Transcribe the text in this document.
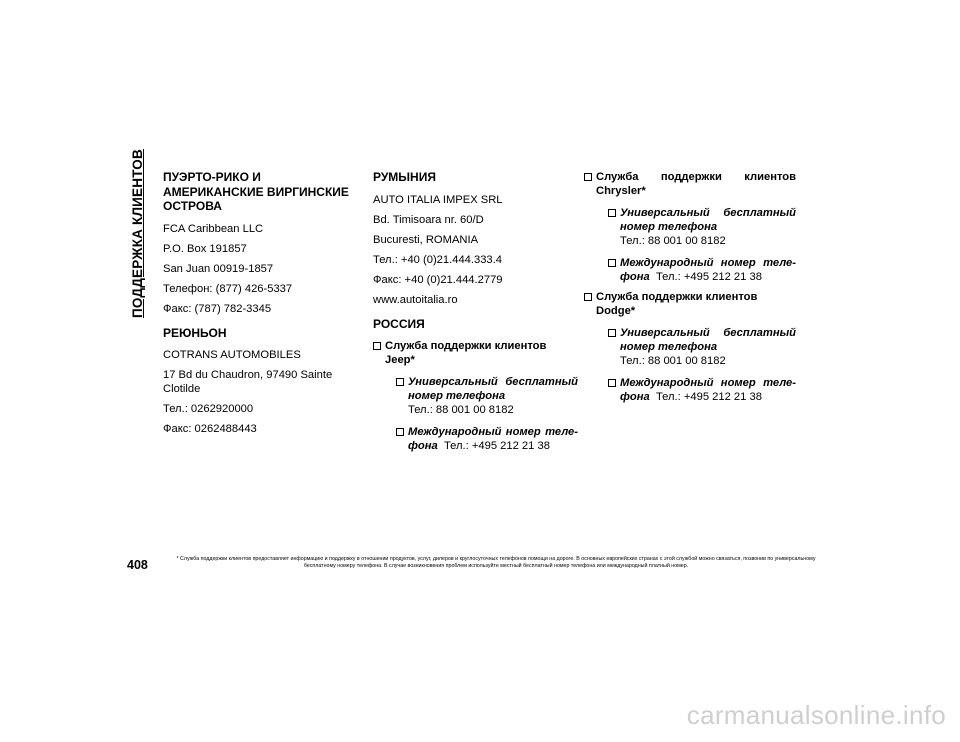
ПОДДЕРЖКА КЛИЕНТОВ ПУЭРТО-РИКО И АМЕРИКАНСКИЕ ВИРГИНСКИЕ ОСТРОВА

FCA Caribbean LLC

P.O. Box 191857

San Juan 00919-1857

Телефон: (877) 426-5337

Факс: (787) 782-3345

РЕЮНЬОН

COTRANS AUTOMOBILES

17 Bd du Chaudron, 97490 Sainte Clotilde

Тел.: 0262920000

Факс: 0262488443

РУМЫНИЯ

AUTO ITALIA IMPEX SRL

Bd. Timisoara nr. 60/D

Bucuresti, ROMANIA

Тел.: +40 (0)21.444.333.4

Факс: +40 (0)21.444.2779

www.autoitalia.ro

РОССИЯ
Служба поддержки клиентов Jeep*
Универсальный бесплатный
номер телефона
Тел.: 88 001 00 8182
Международный номер теле-
фона Тел.: +495 212 21 38
Служба поддержки клиентов
Chrysler*
Универсальный бесплатный
номер телефона
Тел.: 88 001 00 8182
Международный номер теле-
фона Тел.: +495 212 21 38
Служба поддержки клиентов Dodge*
Универсальный бесплатный
номер телефона
Тел.: 88 001 00 8182
Международный номер теле-
фона Тел.: +495 212 21 38
408	* Служба поддержки клиентов предоставляет информацию и поддержку в отношении продуктов, услуг, дилеров и круглосуточных телефонов помощи на дороге. В основных европейских странах с этой службой можно связаться, позвонив по универсальному бесплатному номеру телефона. В случае возникновения проблем используйте местный бесплатный номер телефона или международный платный номер.
carmanualsonline.info
